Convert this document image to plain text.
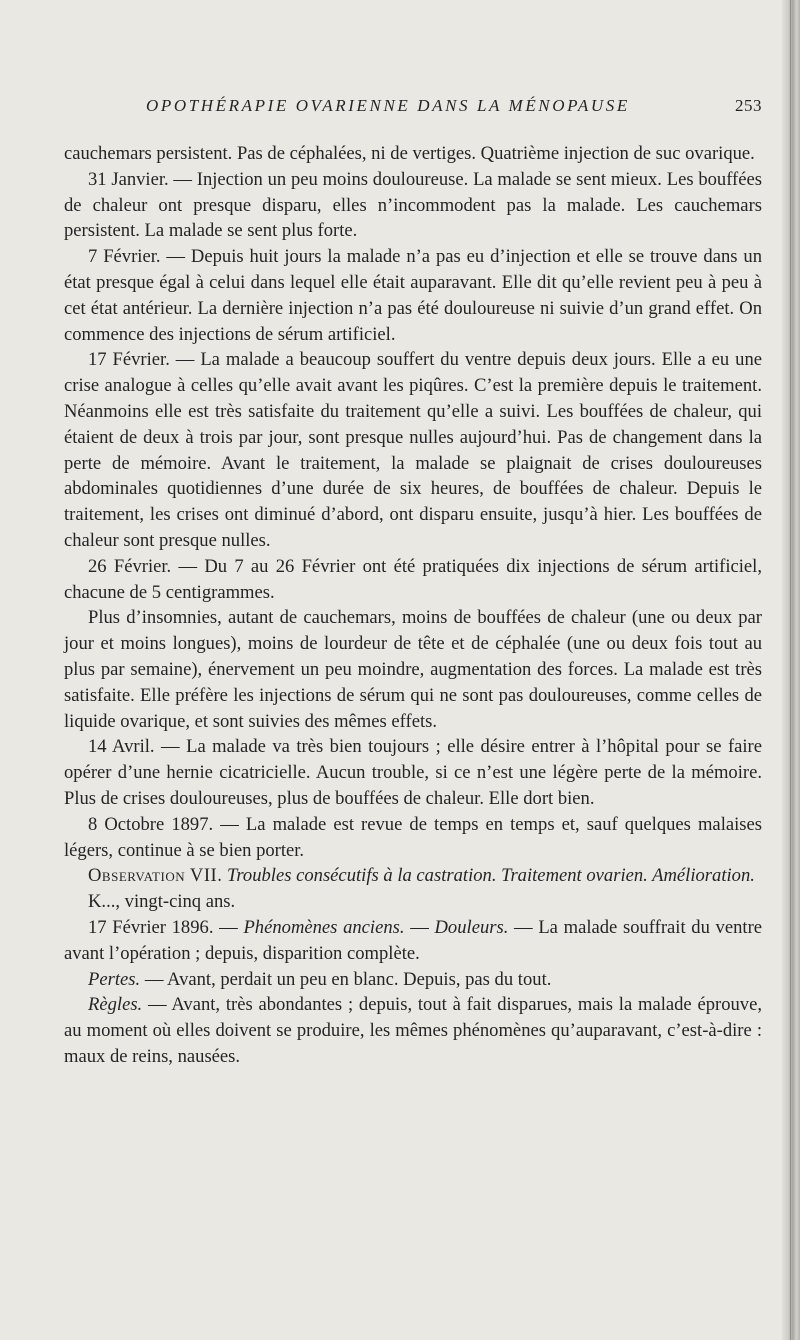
OPOTHÉRAPIE OVARIENNE DANS LA MÉNOPAUSE	253

cauchemars persistent. Pas de céphalées, ni de vertiges. Quatrième injection de suc ovarique.

31 Janvier. — Injection un peu moins douloureuse. La malade se sent mieux. Les bouffées de chaleur ont presque disparu, elles n’incommodent pas la malade. Les cauchemars persistent. La malade se sent plus forte.

7 Février. — Depuis huit jours la malade n’a pas eu d’injection et elle se trouve dans un état presque égal à celui dans lequel elle était auparavant. Elle dit qu’elle revient peu à peu à cet état antérieur. La dernière injection n’a pas été douloureuse ni suivie d’un grand effet. On commence des injections de sérum artificiel.

17 Février. — La malade a beaucoup souffert du ventre depuis deux jours. Elle a eu une crise analogue à celles qu’elle avait avant les piqûres. C’est la première depuis le traitement. Néanmoins elle est très satisfaite du traitement qu’elle a suivi. Les bouffées de chaleur, qui étaient de deux à trois par jour, sont presque nulles aujourd’hui. Pas de changement dans la perte de mémoire. Avant le traitement, la malade se plaignait de crises douloureuses abdominales quotidiennes d’une durée de six heures, de bouffées de chaleur. Depuis le traitement, les crises ont diminué d’abord, ont disparu ensuite, jusqu’à hier. Les bouffées de chaleur sont presque nulles.

26 Février. — Du 7 au 26 Février ont été pratiquées dix injections de sérum artificiel, chacune de 5 centigrammes.

Plus d’insomnies, autant de cauchemars, moins de bouffées de chaleur (une ou deux par jour et moins longues), moins de lourdeur de tête et de céphalée (une ou deux fois tout au plus par semaine), énervement un peu moindre, augmentation des forces. La malade est très satisfaite. Elle préfère les injections de sérum qui ne sont pas douloureuses, comme celles de liquide ovarique, et sont suivies des mêmes effets.

14 Avril. — La malade va très bien toujours ; elle désire entrer à l’hôpital pour se faire opérer d’une hernie cicatricielle. Aucun trouble, si ce n’est une légère perte de la mémoire. Plus de crises douloureuses, plus de bouffées de chaleur. Elle dort bien.

8 Octobre 1897. — La malade est revue de temps en temps et, sauf quelques malaises légers, continue à se bien porter.

Observation VII. Troubles consécutifs à la castration. Traitement ovarien. Amélioration.

K..., vingt-cinq ans.

17 Février 1896. — Phénomènes anciens. — Douleurs. — La malade souffrait du ventre avant l’opération ; depuis, disparition complète.

Pertes. — Avant, perdait un peu en blanc. Depuis, pas du tout.

Règles. — Avant, très abondantes ; depuis, tout à fait disparues, mais la malade éprouve, au moment où elles doivent se produire, les mêmes phénomènes qu’auparavant, c’est-à-dire : maux de reins, nausées.
